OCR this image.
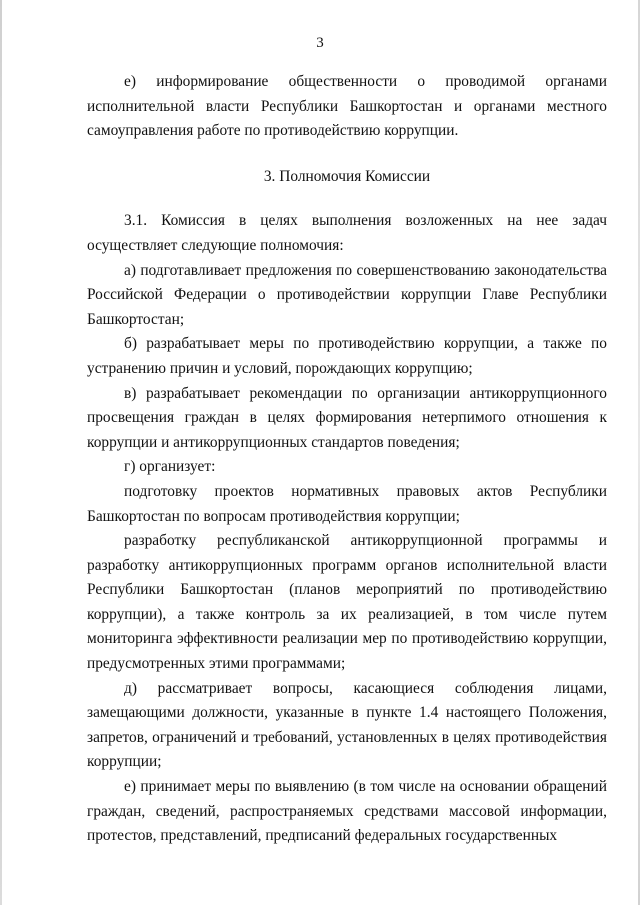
3

е) информирование общественности о проводимой органами исполнительной власти Республики Башкортостан и органами местного самоуправления работе по противодействию коррупции.

3. Полномочия Комиссии

3.1. Комиссия в целях выполнения возложенных на нее задач осуществляет следующие полномочия:

а) подготавливает предложения по совершенствованию законодательства Российской Федерации о противодействии коррупции Главе Республики Башкортостан;

б) разрабатывает меры по противодействию коррупции, а также по устранению причин и условий, порождающих коррупцию;

в) разрабатывает рекомендации по организации антикоррупционного просвещения граждан в целях формирования нетерпимого отношения к коррупции и антикоррупционных стандартов поведения;

г) организует:

подготовку проектов нормативных правовых актов Республики Башкортостан по вопросам противодействия коррупции;

разработку республиканской антикоррупционной программы и разработку антикоррупционных программ органов исполнительной власти Республики Башкортостан (планов мероприятий по противодействию коррупции), а также контроль за их реализацией, в том числе путем мониторинга эффективности реализации мер по противодействию коррупции, предусмотренных этими программами;

д) рассматривает вопросы, касающиеся соблюдения лицами, замещающими должности, указанные в пункте 1.4 настоящего Положения, запретов, ограничений и требований, установленных в целях противодействия коррупции;

е) принимает меры по выявлению (в том числе на основании обращений граждан, сведений, распространяемых средствами массовой информации, протестов, представлений, предписаний федеральных государственных
